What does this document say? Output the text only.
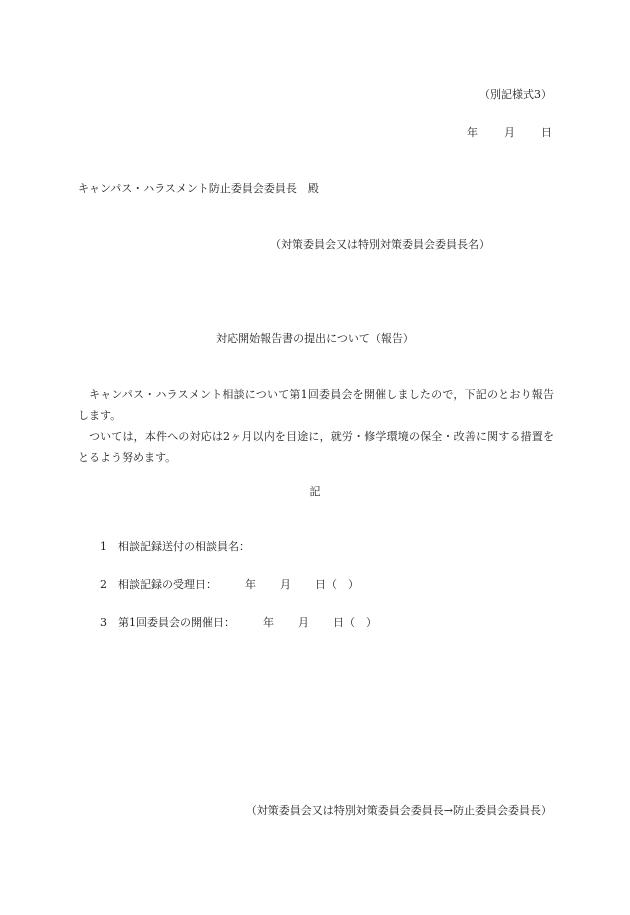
（別記様式3）
年 月 日
キャンパス・ハラスメント防止委員会委員長　殿
（対策委員会又は特別対策委員会委員長名）
対応開始報告書の提出について（報告）

キャンパス・ハラスメント相談について第1回委員会を開催しましたので，下記のとおり報告します。

ついては，本件への対応は2ヶ月以内を目途に，就労・修学環境の保全・改善に関する措置をとるよう努めます。

記
1 相談記録送付の相談員名：
2 相談記録の受理日：	年 月 日（　）
3 第1回委員会の開催日：	年 月 日（　）
（対策委員会又は特別対策委員会委員長→防止委員会委員長）
